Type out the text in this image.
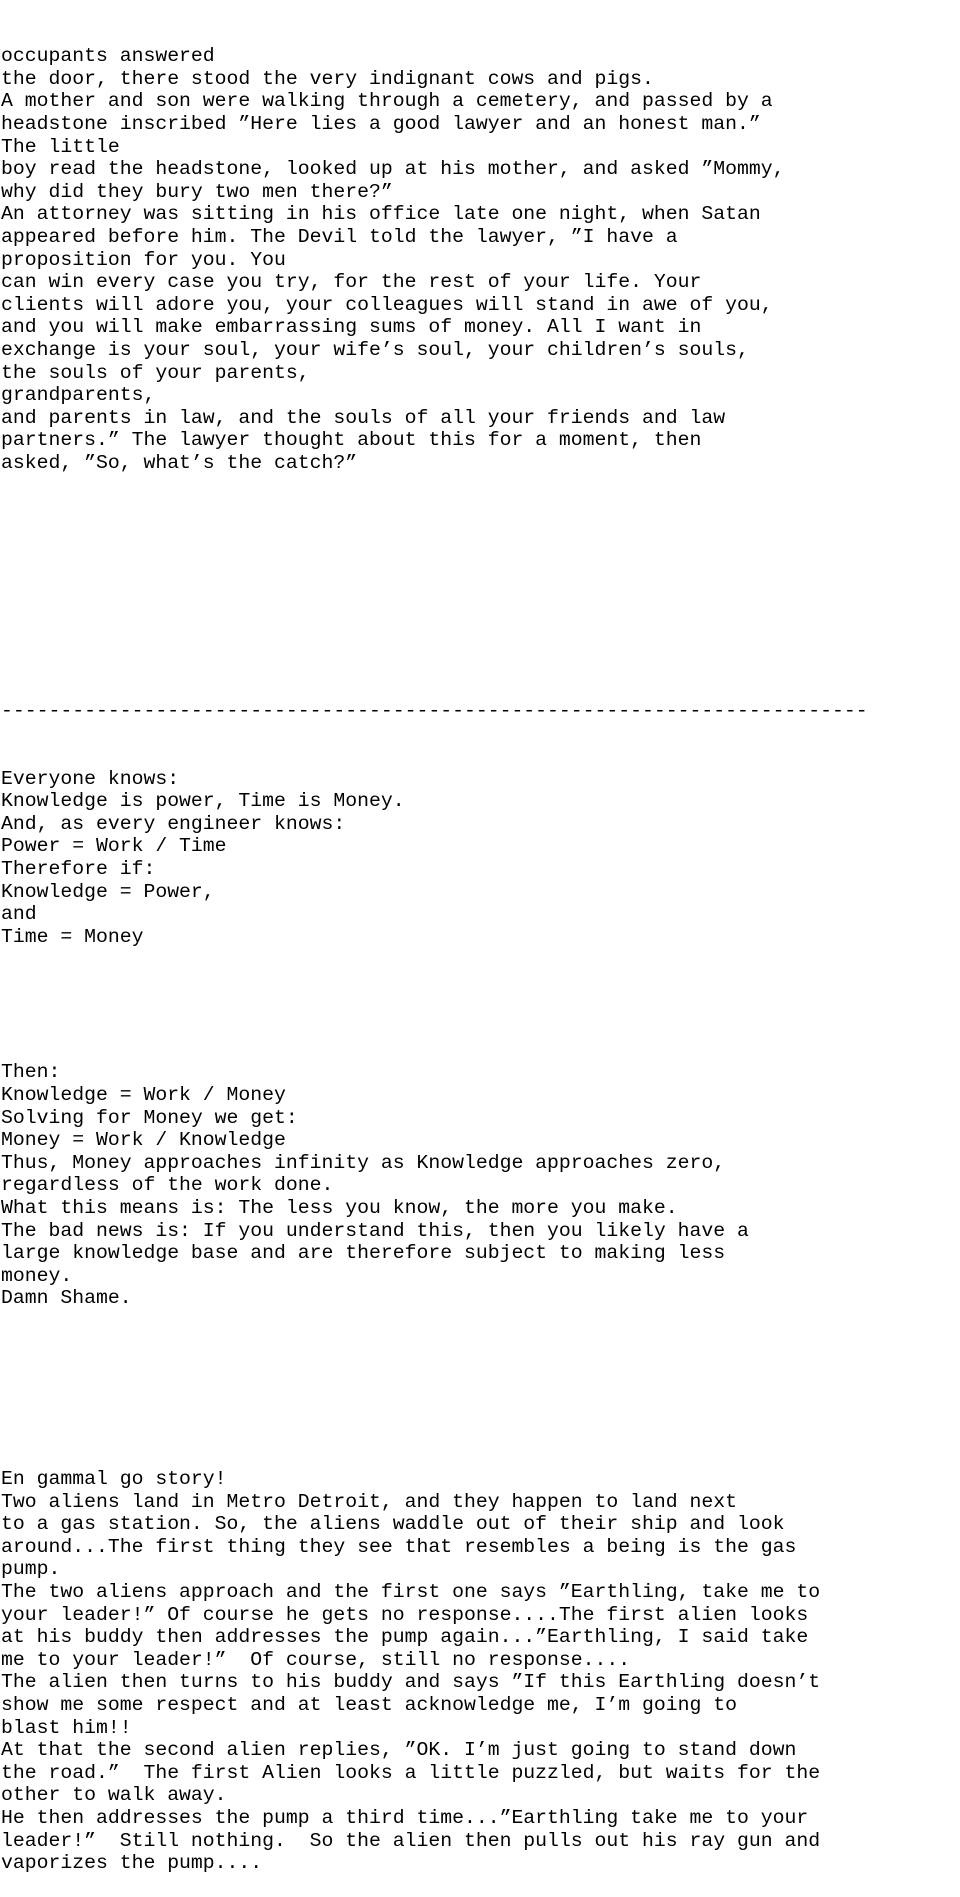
occupants answered
the door, there stood the very indignant cows and pigs.
A mother and son were walking through a cemetery, and passed by a
headstone inscribed ”Here lies a good lawyer and an honest man.”
The little
boy read the headstone, looked up at his mother, and asked ”Mommy,
why did they bury two men there?”
An attorney was sitting in his office late one night, when Satan
appeared before him. The Devil told the lawyer, ”I have a
proposition for you. You
can win every case you try, for the rest of your life. Your
clients will adore you, your colleagues will stand in awe of you,
and you will make embarrassing sums of money. All I want in
exchange is your soul, your wife’s soul, your children’s souls,
the souls of your parents,
grandparents,
and parents in law, and the souls of all your friends and law
partners.” The lawyer thought about this for a moment, then
asked, ”So, what’s the catch?”

-------------------------------------------------------------------------

Everyone knows:
Knowledge is power, Time is Money.
And, as every engineer knows:
Power = Work / Time
Therefore if:
Knowledge = Power,
and
Time = Money

Then:
Knowledge = Work / Money
Solving for Money we get:
Money = Work / Knowledge
Thus, Money approaches infinity as Knowledge approaches zero,
regardless of the work done.
What this means is: The less you know, the more you make.
The bad news is: If you understand this, then you likely have a
large knowledge base and are therefore subject to making less
money.
Damn Shame.

En gammal go story!
Two aliens land in Metro Detroit, and they happen to land next
to a gas station. So, the aliens waddle out of their ship and look
around...The first thing they see that resembles a being is the gas
pump.
The two aliens approach and the first one says ”Earthling, take me to
your leader!” Of course he gets no response....The first alien looks
at his buddy then addresses the pump again...”Earthling, I said take
me to your leader!”  Of course, still no response....
The alien then turns to his buddy and says ”If this Earthling doesn’t
show me some respect and at least acknowledge me, I’m going to
blast him!!
At that the second alien replies, ”OK. I’m just going to stand down
the road.”  The first Alien looks a little puzzled, but waits for the
other to walk away.
He then addresses the pump a third time...”Earthling take me to your
leader!”  Still nothing.  So the alien then pulls out his ray gun and
vaporizes the pump....
